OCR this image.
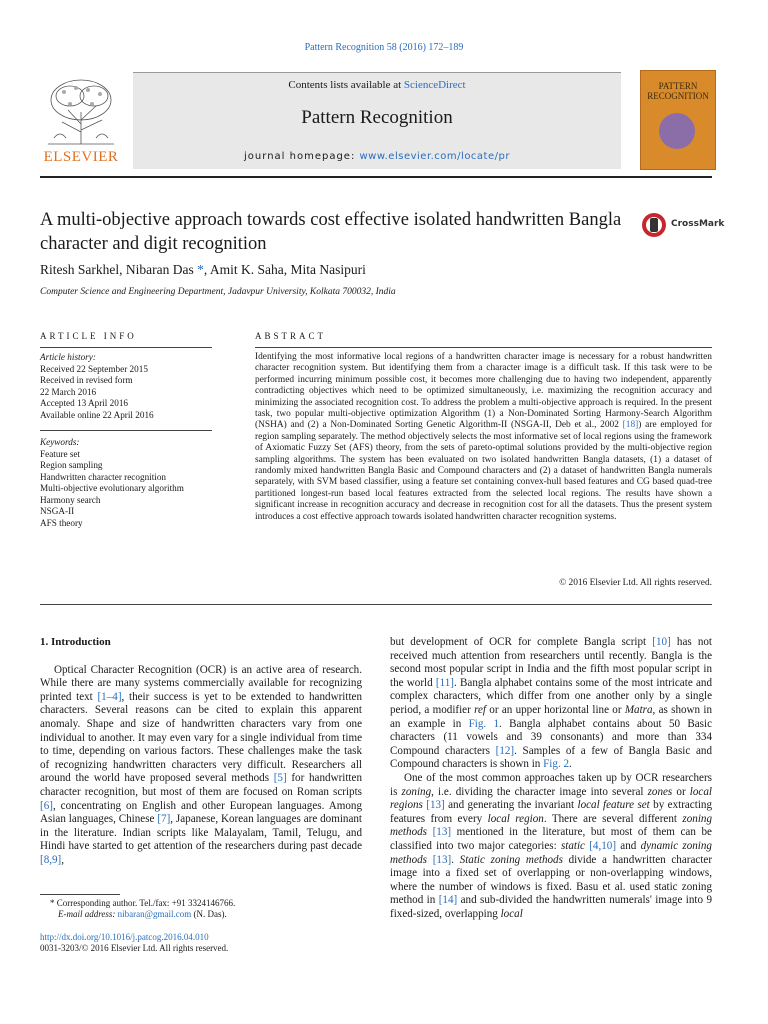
Pattern Recognition 58 (2016) 172–189
ELSEVIER
Contents lists available at ScienceDirect
Pattern Recognition
journal homepage: www.elsevier.com/locate/pr
PATTERN RECOGNITION
A multi-objective approach towards cost effective isolated handwritten Bangla character and digit recognition
CrossMark
Ritesh Sarkhel, Nibaran Das *, Amit K. Saha, Mita Nasipuri
Computer Science and Engineering Department, Jadavpur University, Kolkata 700032, India
ARTICLE INFO	ABSTRACT
Article history:
Received 22 September 2015
Received in revised form
22 March 2016
Accepted 13 April 2016
Available online 22 April 2016
Keywords:
Feature set
Region sampling
Handwritten character recognition
Multi-objective evolutionary algorithm
Harmony search
NSGA-II
AFS theory
Identifying the most informative local regions of a handwritten character image is necessary for a robust handwritten character recognition system. But identifying them from a character image is a difficult task. If this task were to be performed incurring minimum possible cost, it becomes more challenging due to having two independent, apparently contradicting objectives which need to be optimized simultaneously, i.e. maximizing the recognition accuracy and minimizing the associated recognition cost. To address the problem a multi-objective approach is required. In the present task, two popular multi-objective optimization Algorithm (1) a Non-Dominated Sorting Harmony-Search Algorithm (NSHA) and (2) a Non-Dominated Sorting Genetic Algorithm-II (NSGA-II, Deb et al., 2002 [18]) are employed for region sampling separately. The method objectively selects the most informative set of local regions using the framework of Axiomatic Fuzzy Set (AFS) theory, from the sets of pareto-optimal solutions provided by the multi-objective region sampling algorithms. The system has been evaluated on two isolated handwritten Bangla datasets, (1) a dataset of randomly mixed handwritten Bangla Basic and Compound characters and (2) a dataset of handwritten Bangla numerals separately, with SVM based classifier, using a feature set containing convex-hull based features and CG based quad-tree partitioned longest-run based local features extracted from the selected local regions. The results have shown a significant increase in recognition accuracy and decrease in recognition cost for all the datasets. Thus the present system introduces a cost effective approach towards isolated handwritten character recognition systems.
© 2016 Elsevier Ltd. All rights reserved.
1. Introduction

Optical Character Recognition (OCR) is an active area of research. While there are many systems commercially available for recognizing printed text [1–4], their success is yet to be extended to handwritten characters. Several reasons can be cited to explain this apparent anomaly. Shape and size of handwritten characters vary from one individual to another. It may even vary for a single individual from time to time, depending on various factors. These challenges make the task of recognizing handwritten characters very difficult. Researchers all around the world have proposed several methods [5] for handwritten character recognition, but most of them are focused on Roman scripts [6], concentrating on English and other European languages. Among Asian languages, Chinese [7], Japanese, Korean languages are dominant in the literature. Indian scripts like Malayalam, Tamil, Telugu, and Hindi have started to get attention of the researchers during past decade [8,9],

but development of OCR for complete Bangla script [10] has not received much attention from researchers until recently. Bangla is the second most popular script in India and the fifth most popular script in the world [11]. Bangla alphabet contains some of the most intricate and complex characters, which differ from one another only by a single period, a modifier ref or an upper horizontal line or Matra, as shown in an example in Fig. 1. Bangla alphabet contains about 50 Basic characters (11 vowels and 39 consonants) and more than 334 Compound characters [12]. Samples of a few of Bangla Basic and Compound characters is shown in Fig. 2.

One of the most common approaches taken up by OCR researchers is zoning, i.e. dividing the character image into several zones or local regions [13] and generating the invariant local feature set by extracting features from every local region. There are several different zoning methods [13] mentioned in the literature, but most of them can be classified into two major categories: static [4,10] and dynamic zoning methods [13]. Static zoning methods divide a handwritten character image into a fixed set of overlapping or non-overlapping windows, where the number of windows is fixed. Basu et al. used static zoning method in [14] and sub-divided the handwritten numerals' image into 9 fixed-sized, overlapping local

* Corresponding author. Tel./fax: +91 3324146766.
E-mail address: nibaran@gmail.com (N. Das).
http://dx.doi.org/10.1016/j.patcog.2016.04.010
0031-3203/© 2016 Elsevier Ltd. All rights reserved.
